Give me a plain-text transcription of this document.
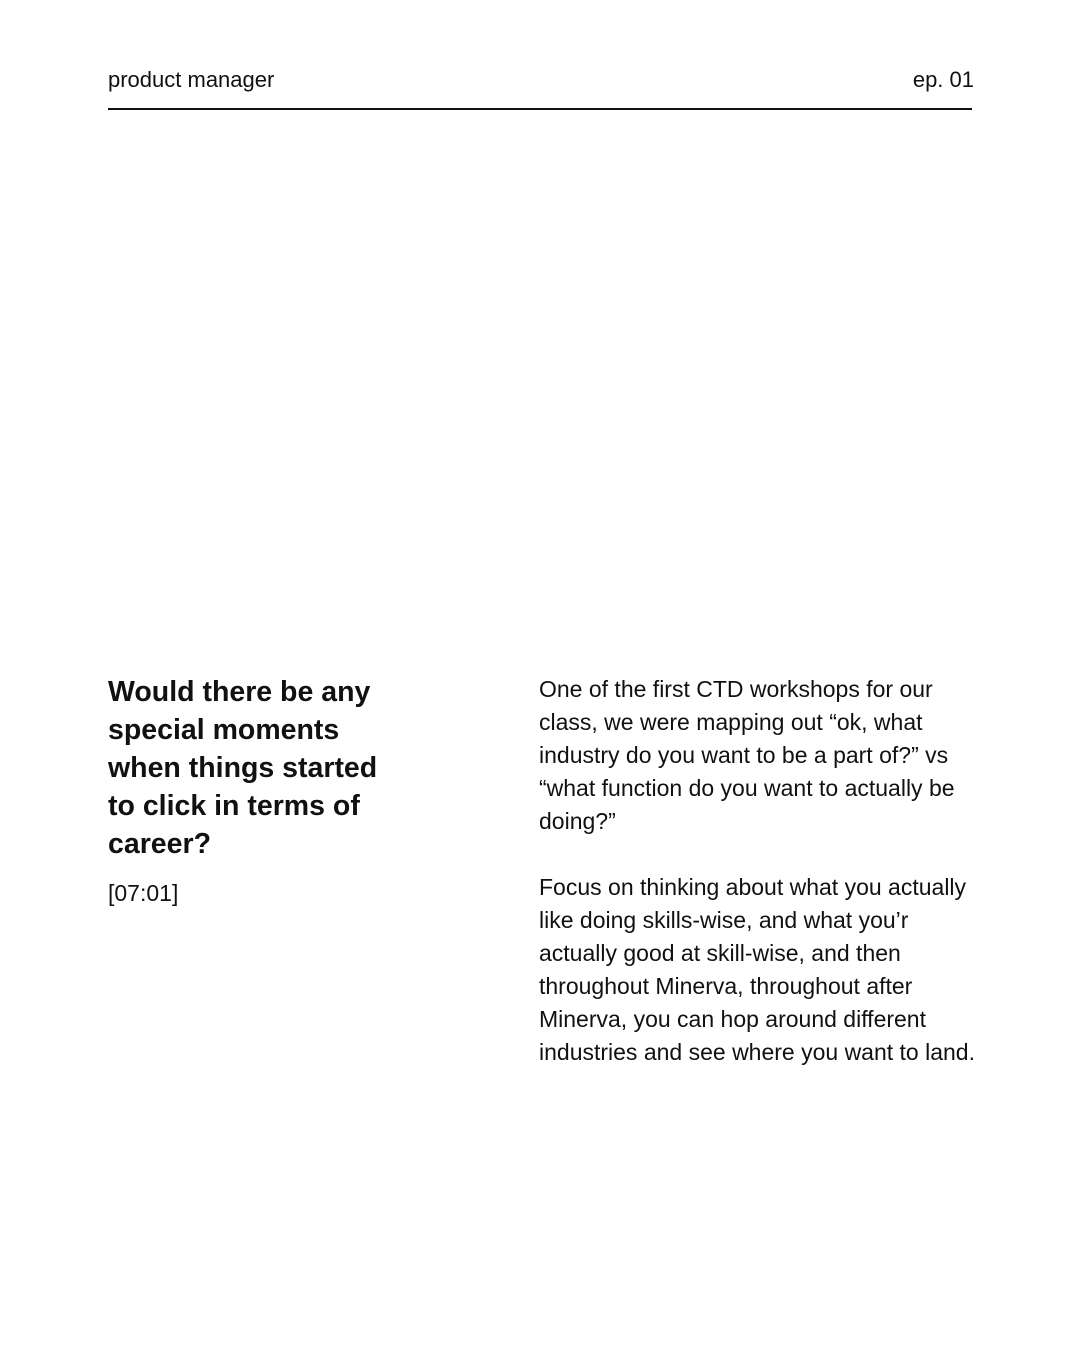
product manager	ep. 01

Would there be any special moments when things started to click in terms of career?

[07:01]

One of the first CTD workshops for our class, we were mapping out “ok, what industry do you want to be a part of?” vs “what function do you want to actually be doing?”

Focus on thinking about what you actually like doing skills-wise, and what you’r actually good at skill-wise, and then throughout Minerva, throughout after Minerva, you can hop around different industries and see where you want to land.
